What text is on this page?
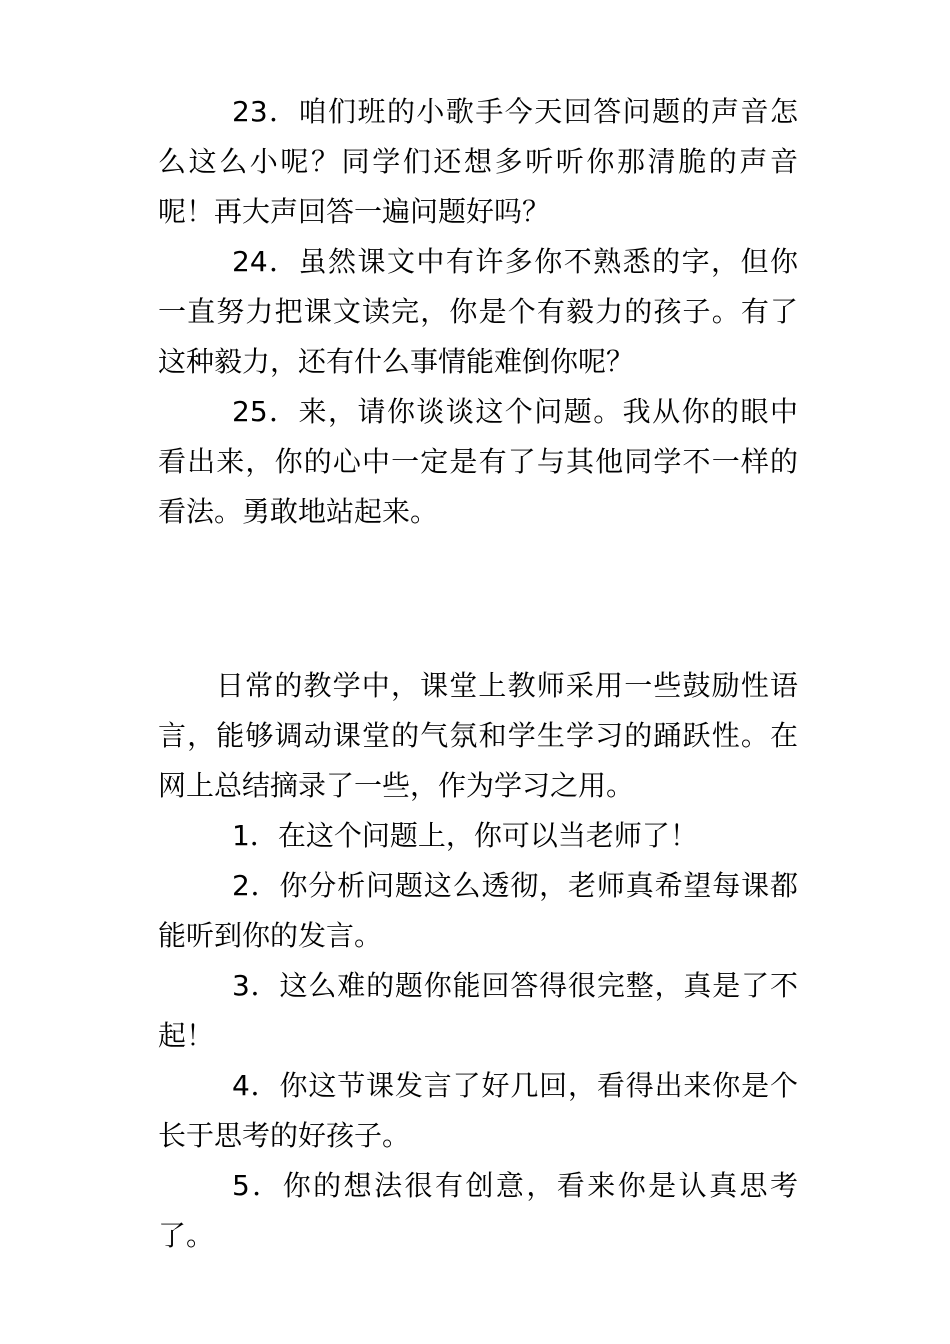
23．咱们班的小歌手今天回答问题的声音怎么这么小呢？同学们还想多听听你那清脆的声音呢！再大声回答一遍问题好吗？

24．虽然课文中有许多你不熟悉的字，但你一直努力把课文读完，你是个有毅力的孩子。有了这种毅力，还有什么事情能难倒你呢？

25．来，请你谈谈这个问题。我从你的眼中看出来，你的心中一定是有了与其他同学不一样的看法。勇敢地站起来。

日常的教学中，课堂上教师采用一些鼓励性语言，能够调动课堂的气氛和学生学习的踊跃性。在网上总结摘录了一些，作为学习之用。

1．在这个问题上，你可以当老师了！

2．你分析问题这么透彻，老师真希望每课都能听到你的发言。

3．这么难的题你能回答得很完整，真是了不起！

4．你这节课发言了好几回，看得出来你是个长于思考的好孩子。

5．你的想法很有创意，看来你是认真思考了。
